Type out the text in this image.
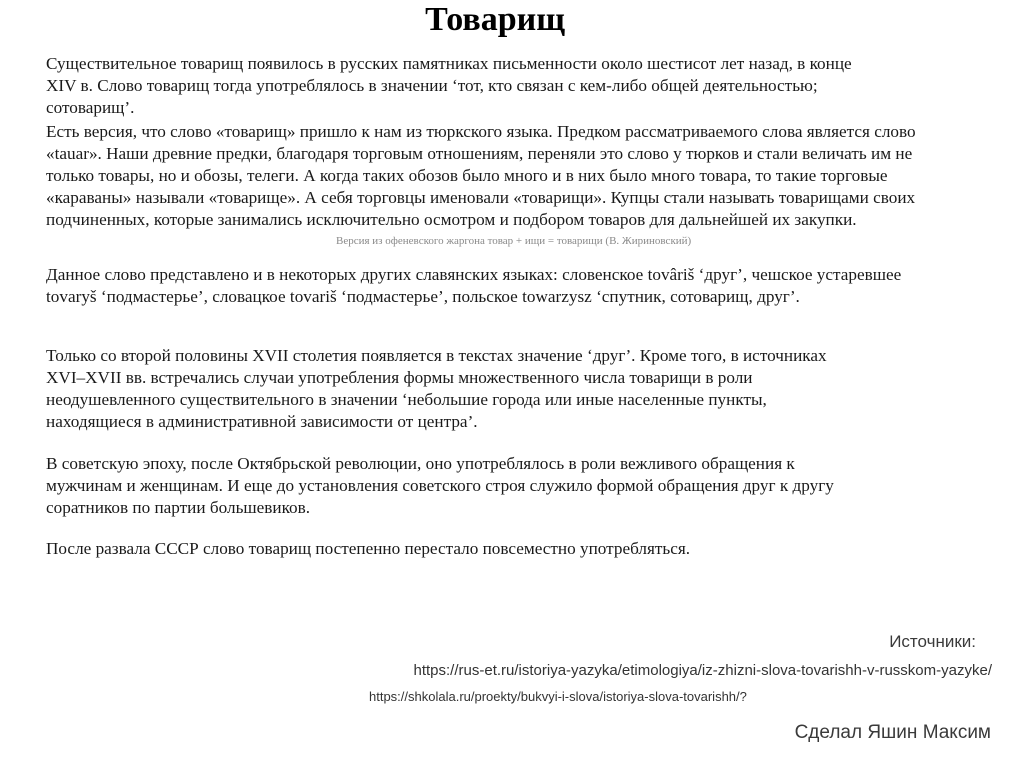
Товарищ

Существительное товарищ появилось в русских памятниках письменности около шестисот лет назад, в конце XIV в. Слово товарищ тогда употреблялось в значении ‘тот, кто связан с кем-либо общей деятельностью; сотоварищ’.

Есть версия, что слово «товарищ» пришло к нам из тюркского языка. Предком рассматриваемого слова является слово «tauar». Наши древние предки, благодаря торговым отношениям, переняли это слово у тюрков и стали величать им не только товары, но и обозы, телеги. А когда таких обозов было много и в них было много товара, то такие торговые «караваны» называли «товарище». А себя торговцы именовали «товарищи». Купцы стали называть товарищами своих подчиненных, которые занимались исключительно осмотром и подбором товаров для дальнейшей их закупки.

Версия из офеневского жаргона товар + ищи = товарищи (В. Жириновский)

Данное слово представлено и в некоторых других славянских языках: словенское tovâriš ‘друг’, чешское устаревшее tovaryš ‘подмастерье’, словацкое tovariš ‘подмастерье’, польское towarzysz ‘спутник, сотоварищ, друг’.

Только со второй половины XVII столетия появляется в текстах значение ‘друг’. Кроме того, в источниках XVI–XVII вв. встречались случаи употребления формы множественного числа товарищи в роли неодушевленного существительного в значении ‘небольшие города или иные населенные пункты, находящиеся в административной зависимости от центра’.

В советскую эпоху, после Октябрьской революции, оно употреблялось в роли вежливого обращения к мужчинам и женщинам. И еще до установления советского строя служило формой обращения друг к другу соратников по партии большевиков.

После развала СССР слово товарищ постепенно перестало повсеместно употребляться.

Источники:
https://rus-et.ru/istoriya-yazyka/etimologiya/iz-zhizni-slova-tovarishh-v-russkom-yazyke/
https://shkolala.ru/proekty/bukvyi-i-slova/istoriya-slova-tovarishh/?
Сделал Яшин Максим
